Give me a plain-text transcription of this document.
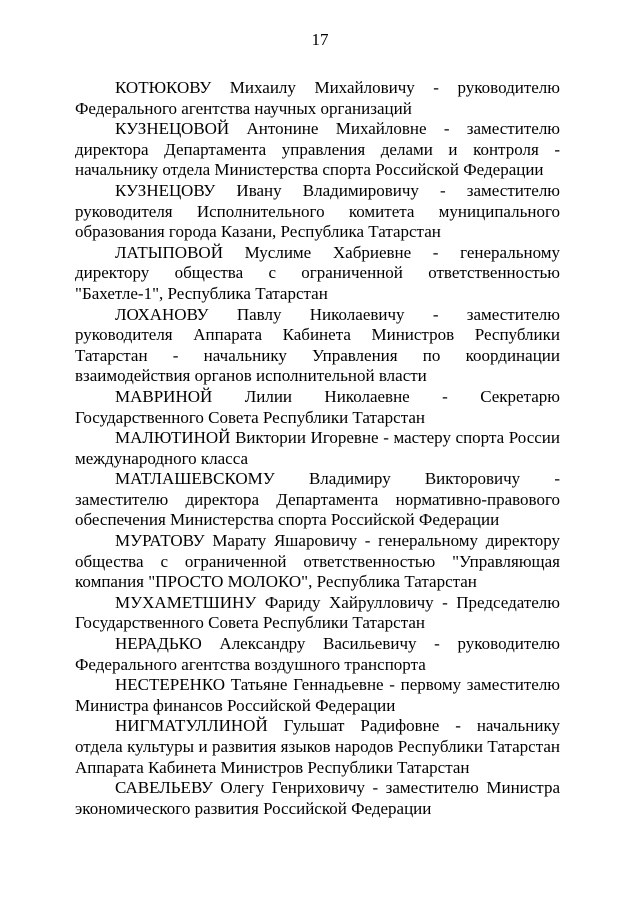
17

КОТЮКОВУ Михаилу Михайловичу - руководителю Федерального агентства научных организаций

КУЗНЕЦОВОЙ Антонине Михайловне - заместителю директора Департамента управления делами и контроля - начальнику отдела Министерства спорта Российской Федерации

КУЗНЕЦОВУ Ивану Владимировичу - заместителю руководителя Исполнительного комитета муниципального образования города Казани, Республика Татарстан

ЛАТЫПОВОЙ Муслиме Хабриевне - генеральному директору общества с ограниченной ответственностью "Бахетле-1", Республика Татарстан

ЛОХАНОВУ Павлу Николаевичу - заместителю руководителя Аппарата Кабинета Министров Республики Татарстан - начальнику Управления по координации взаимодействия органов исполнительной власти

МАВРИНОЙ Лилии Николаевне - Секретарю Государственного Совета Республики Татарстан

МАЛЮТИНОЙ Виктории Игоревне - мастеру спорта России международного класса

МАТЛАШЕВСКОМУ Владимиру Викторовичу - заместителю директора Департамента нормативно-правового обеспечения Министерства спорта Российской Федерации

МУРАТОВУ Марату Яшаровичу - генеральному директору общества с ограниченной ответственностью "Управляющая компания "ПРОСТО МОЛОКО", Республика Татарстан

МУХАМЕТШИНУ Фариду Хайрулловичу - Председателю Государственного Совета Республики Татарстан

НЕРАДЬКО Александру Васильевичу - руководителю Федерального агентства воздушного транспорта

НЕСТЕРЕНКО Татьяне Геннадьевне - первому заместителю Министра финансов Российской Федерации

НИГМАТУЛЛИНОЙ Гульшат Радифовне - начальнику отдела культуры и развития языков народов Республики Татарстан Аппарата Кабинета Министров Республики Татарстан

САВЕЛЬЕВУ Олегу Генриховичу - заместителю Министра экономического развития Российской Федерации
